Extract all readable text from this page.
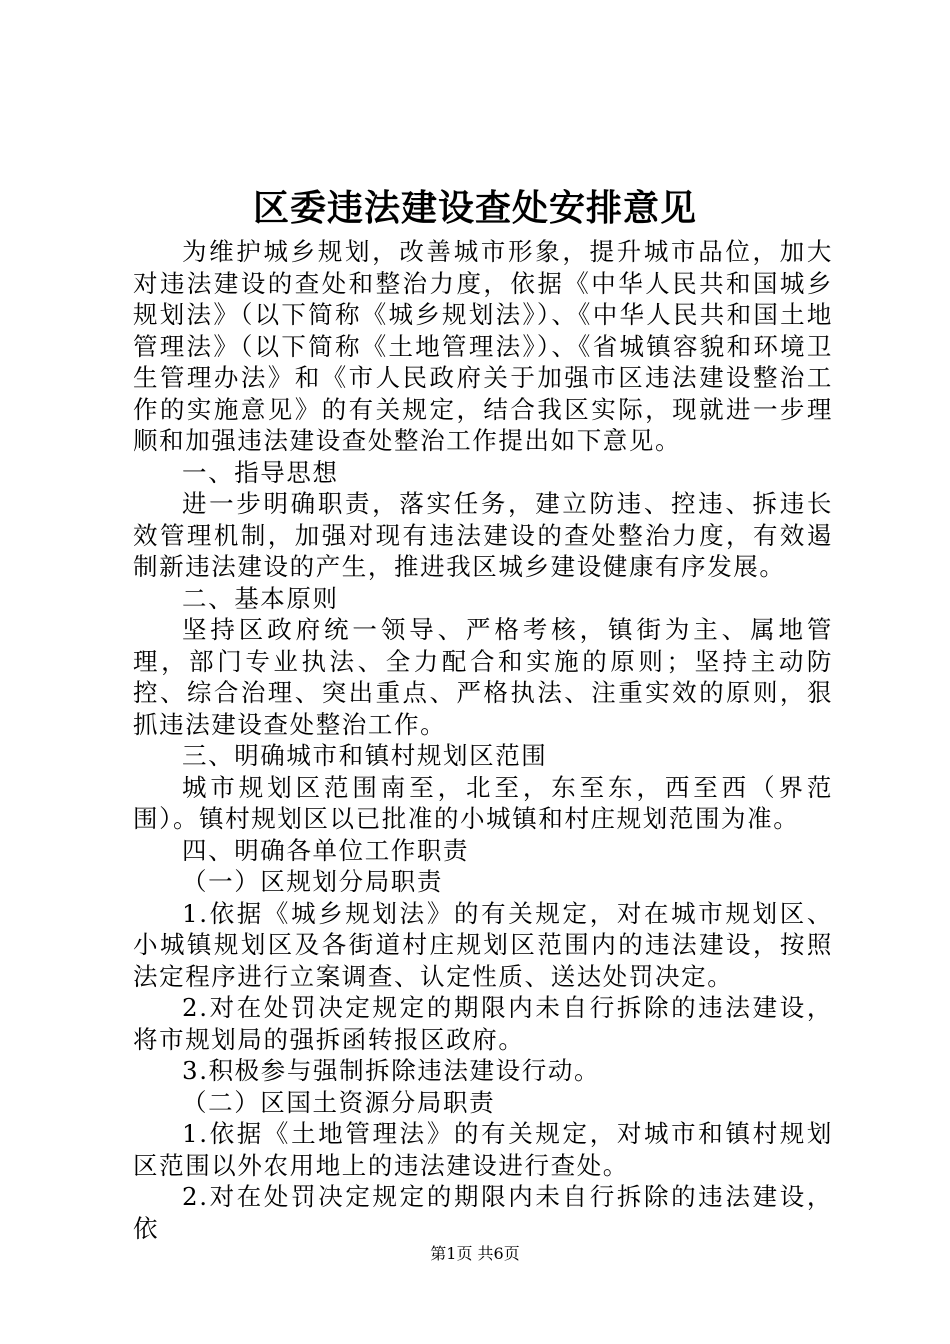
区委违法建设查处安排意见

为维护城乡规划，改善城市形象，提升城市品位，加大对违法建设的查处和整治力度，依据《中华人民共和国城乡规划法》（以下简称《城乡规划法》）、《中华人民共和国土地管理法》（以下简称《土地管理法》）、《省城镇容貌和环境卫生管理办法》和《市人民政府关于加强市区违法建设整治工作的实施意见》的有关规定，结合我区实际，现就进一步理顺和加强违法建设查处整治工作提出如下意见。

一、指导思想

进一步明确职责，落实任务，建立防违、控违、拆违长效管理机制，加强对现有违法建设的查处整治力度，有效遏制新违法建设的产生，推进我区城乡建设健康有序发展。

二、基本原则

坚持区政府统一领导、严格考核，镇街为主、属地管理，部门专业执法、全力配合和实施的原则；坚持主动防控、综合治理、突出重点、严格执法、注重实效的原则，狠抓违法建设查处整治工作。

三、明确城市和镇村规划区范围

城市规划区范围南至，北至，东至东，西至西（界范围）。镇村规划区以已批准的小城镇和村庄规划范围为准。

四、明确各单位工作职责

（一）区规划分局职责

1.依据《城乡规划法》的有关规定，对在城市规划区、小城镇规划区及各街道村庄规划区范围内的违法建设，按照法定程序进行立案调查、认定性质、送达处罚决定。

2.对在处罚决定规定的期限内未自行拆除的违法建设，将市规划局的强拆函转报区政府。

3.积极参与强制拆除违法建设行动。

（二）区国土资源分局职责

1.依据《土地管理法》的有关规定，对城市和镇村规划区范围以外农用地上的违法建设进行查处。

2.对在处罚决定规定的期限内未自行拆除的违法建设，依

第1页 共6页
